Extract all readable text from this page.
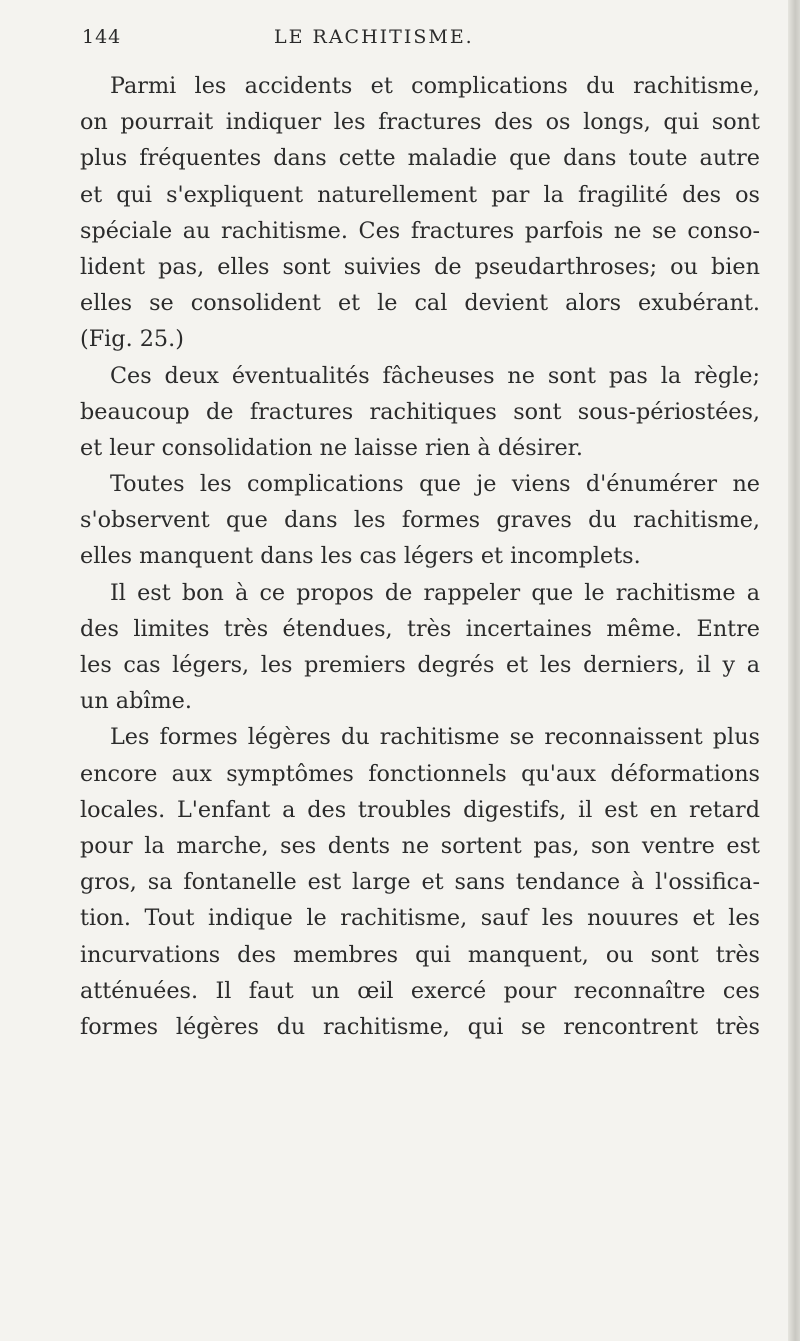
144	LE RACHITISME.
Parmi les accidents et complications du rachitisme,
on pourrait indiquer les fractures des os longs, qui sont
plus fréquentes dans cette maladie que dans toute autre
et qui s'expliquent naturellement par la fragilité des os
spéciale au rachitisme. Ces fractures parfois ne se conso-
lident pas, elles sont suivies de pseudarthroses; ou bien
elles se consolident et le cal devient alors exubérant.
(Fig. 25.)
Ces deux éventualités fâcheuses ne sont pas la règle;
beaucoup de fractures rachitiques sont sous-périostées,
et leur consolidation ne laisse rien à désirer.
Toutes les complications que je viens d'énumérer ne
s'observent que dans les formes graves du rachitisme,
elles manquent dans les cas légers et incomplets.
Il est bon à ce propos de rappeler que le rachitisme a
des limites très étendues, très incertaines même. Entre
les cas légers, les premiers degrés et les derniers, il y a
un abîme.
Les formes légères du rachitisme se reconnaissent plus
encore aux symptômes fonctionnels qu'aux déformations
locales. L'enfant a des troubles digestifs, il est en retard
pour la marche, ses dents ne sortent pas, son ventre est
gros, sa fontanelle est large et sans tendance à l'ossifica-
tion. Tout indique le rachitisme, sauf les nouures et les
incurvations des membres qui manquent, ou sont très
atténuées. Il faut un œil exercé pour reconnaître ces
formes légères du rachitisme, qui se rencontrent très
